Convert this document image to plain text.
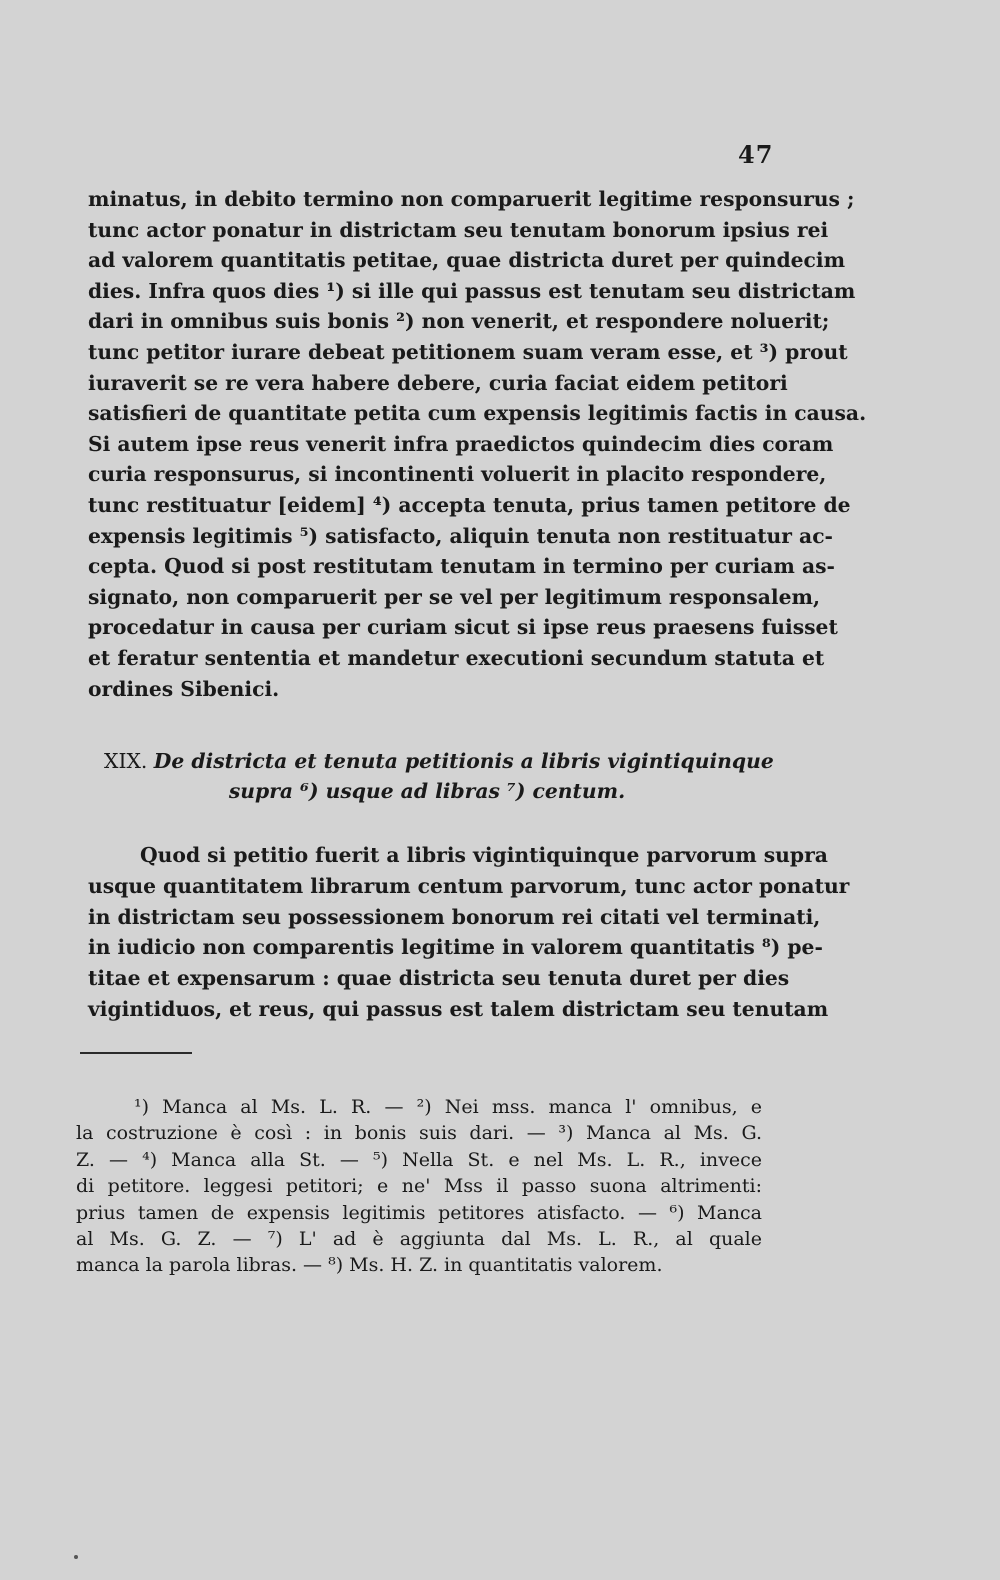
47
minatus, in debito termino non comparuerit legitime responsurus ;
tunc actor ponatur in districtam seu tenutam bonorum ipsius rei
ad valorem quantitatis petitae, quae districta duret per quindecim
dies. Infra quos dies ¹) si ille qui passus est tenutam seu districtam
dari in omnibus suis bonis ²) non venerit, et respondere noluerit;
tunc petitor iurare debeat petitionem suam veram esse, et ³) prout
iuraverit se re vera habere debere, curia faciat eidem petitori
satisfieri de quantitate petita cum expensis legitimis factis in causa.
Si autem ipse reus venerit infra praedictos quindecim dies coram
curia responsurus, si incontinenti voluerit in placito respondere,
tunc restituatur [eidem] ⁴) accepta tenuta, prius tamen petitore de
expensis legitimis ⁵) satisfacto, aliquin tenuta non restituatur ac-
cepta. Quod si post restitutam tenutam in termino per curiam as-
signato, non comparuerit per se vel per legitimum responsalem,
procedatur in causa per curiam sicut si ipse reus praesens fuisset
et feratur sententia et mandetur executioni secundum statuta et
ordines Sibenici.
XIX. De districta et tenuta petitionis a libris vigintiquinque
supra ⁶) usque ad libras ⁷) centum.
Quod si petitio fuerit a libris vigintiquinque parvorum supra
usque quantitatem librarum centum parvorum, tunc actor ponatur
in districtam seu possessionem bonorum rei citati vel terminati,
in iudicio non comparentis legitime in valorem quantitatis ⁸) pe-
titae et expensarum : quae districta seu tenuta duret per dies
vigintiduos, et reus, qui passus est talem districtam seu tenutam
¹) Manca al Ms. L. R. — ²) Nei mss. manca l' omnibus, e
la costruzione è così : in bonis suis dari. — ³) Manca al Ms. G.
Z. — ⁴) Manca alla St. — ⁵) Nella St. e nel Ms. L. R., invece
di petitore. leggesi petitori; e ne' Mss il passo suona altrimenti:
prius tamen de expensis legitimis petitores atisfacto. — ⁶) Manca
al Ms. G. Z. — ⁷) L' ad è aggiunta dal Ms. L. R., al quale
manca la parola libras. — ⁸) Ms. H. Z. in quantitatis valorem.
